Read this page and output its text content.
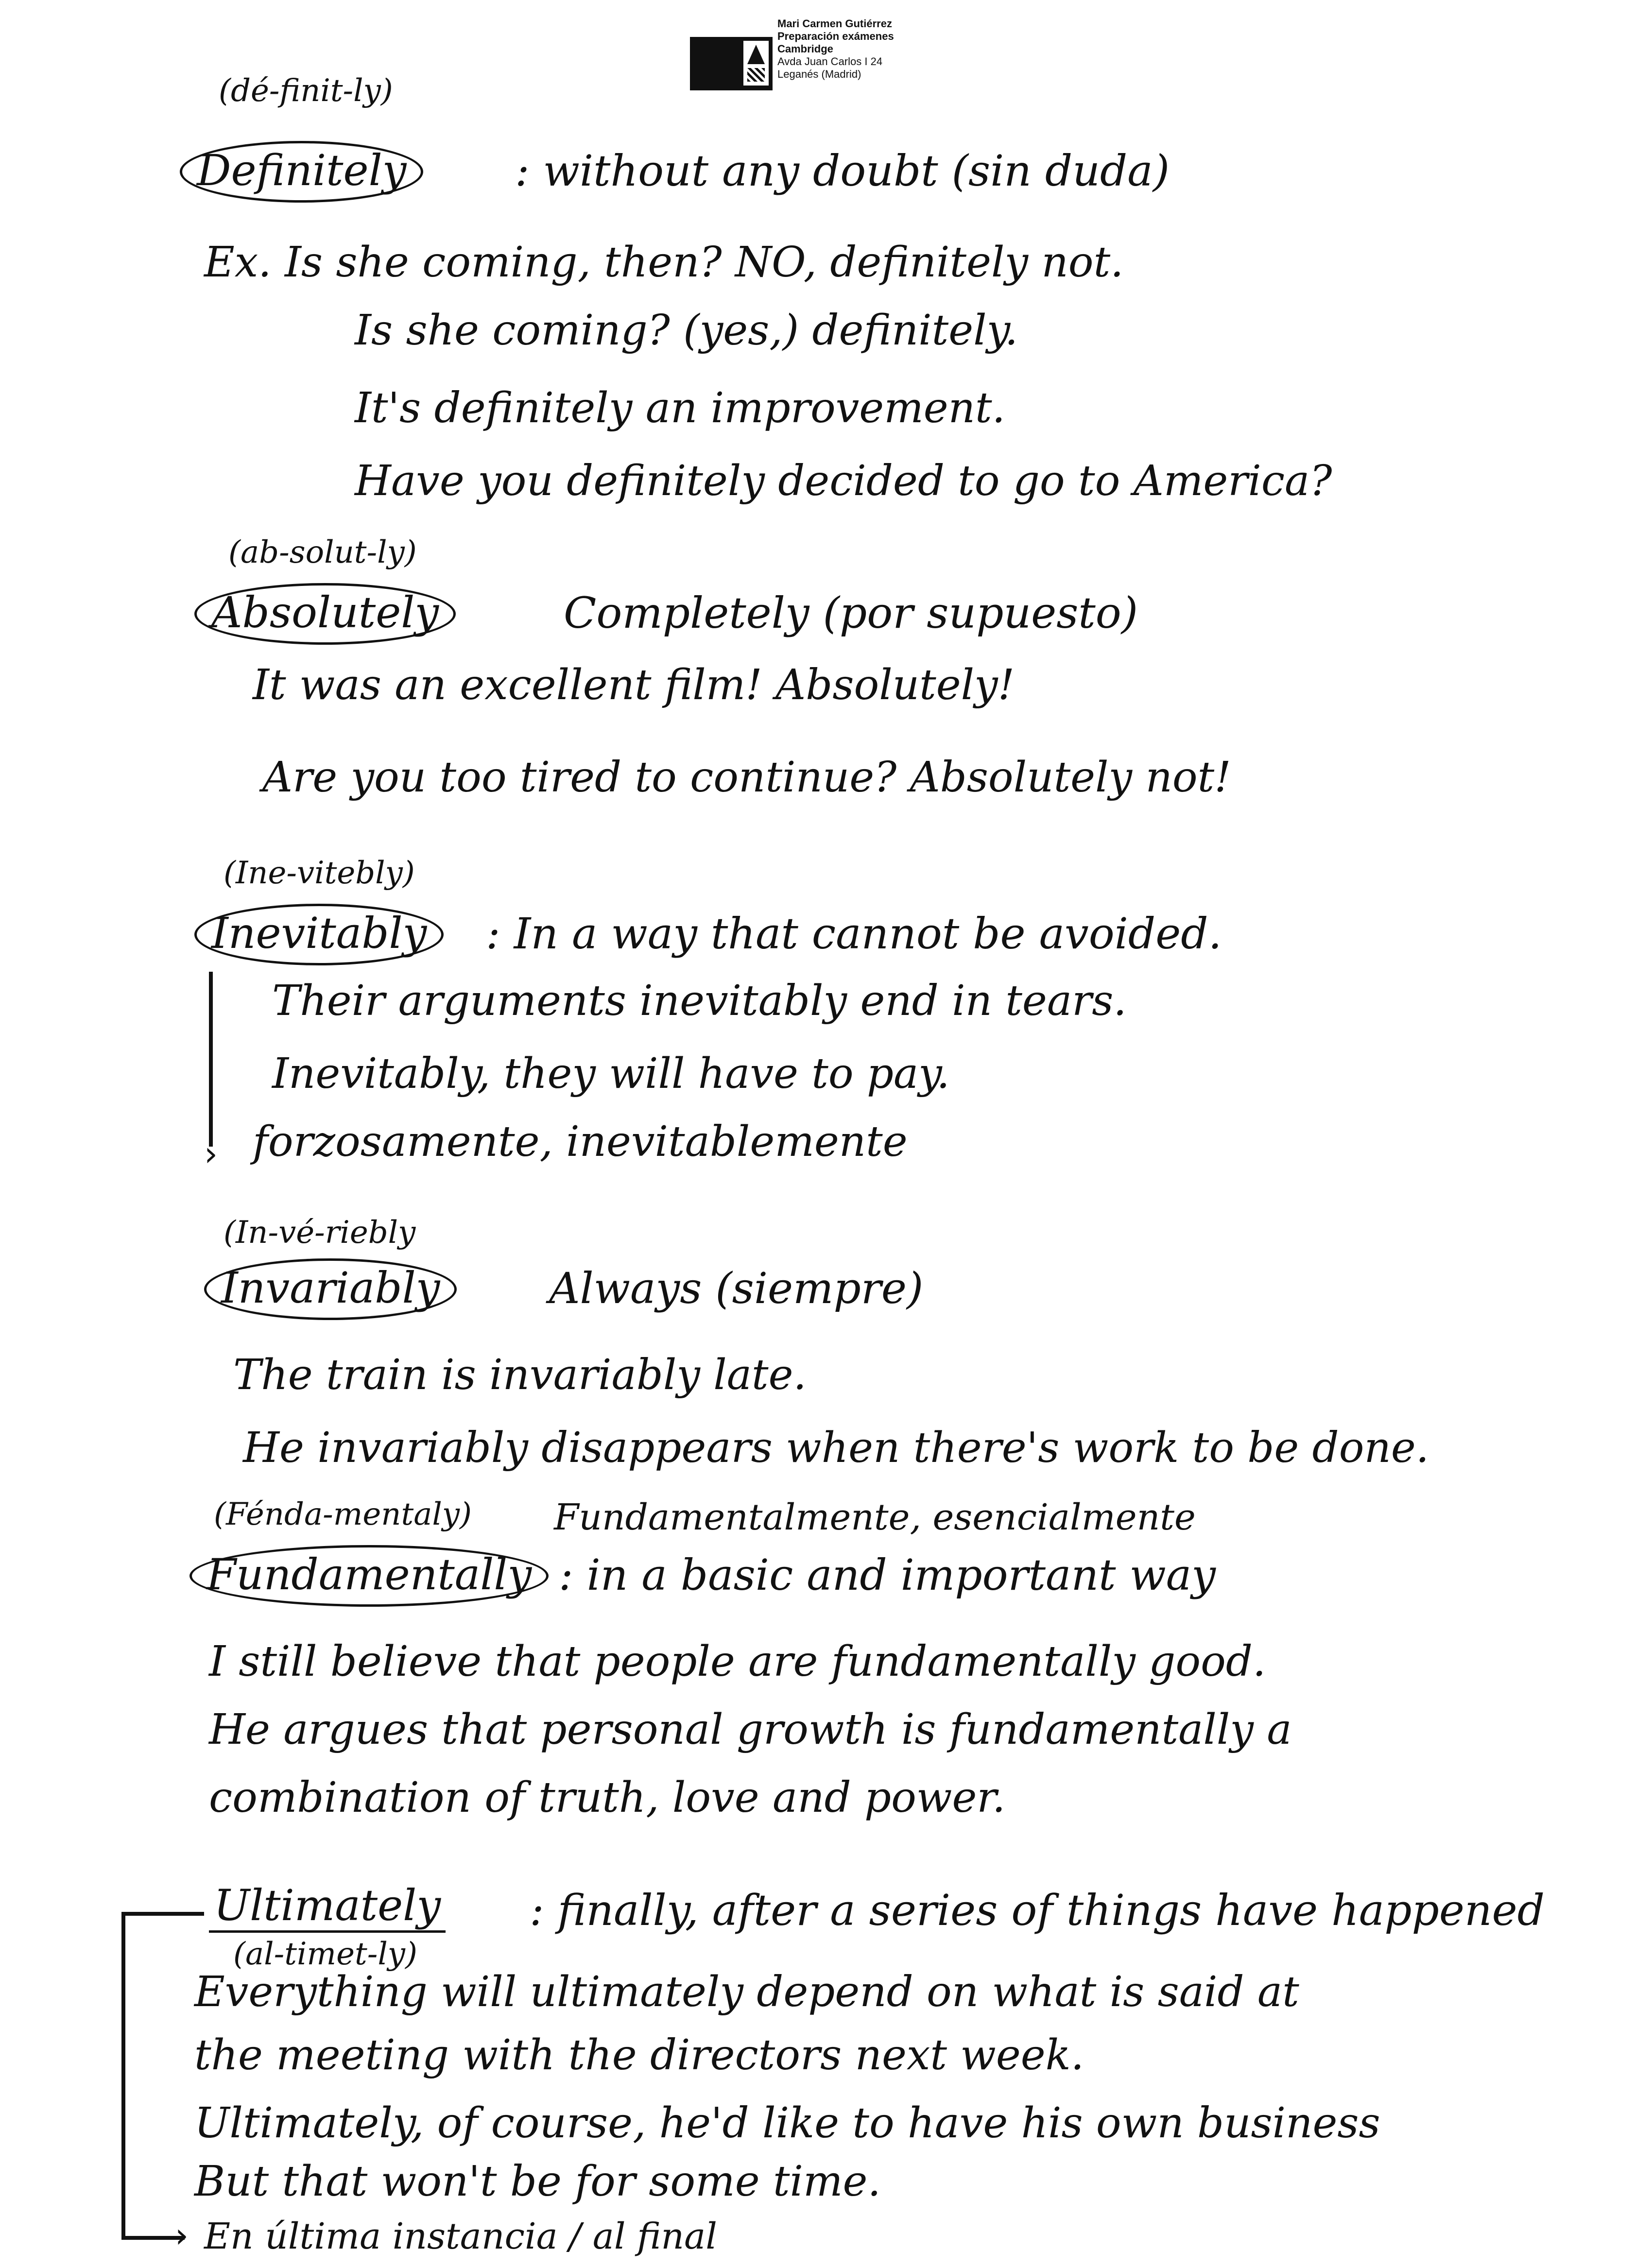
Mari Carmen Gutiérrez
Preparación exámenes
Cambridge
Avda Juan Carlos I 24
Leganés (Madrid)
(dé-finit-ly)
Definitely	: without any doubt (sin duda)
Ex. Is she coming, then? NO, definitely not.
Is she coming? (yes,) definitely.
It's definitely an improvement.
Have you definitely decided to go to America?
(ab-solut-ly)
Absolutely	Completely (por supuesto)
It was an excellent film! Absolutely!
Are you too tired to continue? Absolutely not!
(Ine-vitebly)
Inevitably	: In a way that cannot be avoided.
Their arguments inevitably end in tears.
Inevitably, they will have to pay.
forzosamente, inevitablemente
›
(In-vé-riebly
Invariably	Always (siempre)
The train is invariably late.
He invariably disappears when there's work to be done.
(Fénda-mentaly) Fundamentalmente, esencialmente
Fundamentally : in a basic and important way
I still believe that people are fundamentally good.
He argues that personal growth is fundamentally a
combination of truth, love and power.
Ultimately
(al-timet-ly)
: finally, after a series of things have happened
Everything will ultimately depend on what is said at
the meeting with the directors next week.
Ultimately, of course, he'd like to have his own business
But that won't be for some time.
En última instancia / al final
›
